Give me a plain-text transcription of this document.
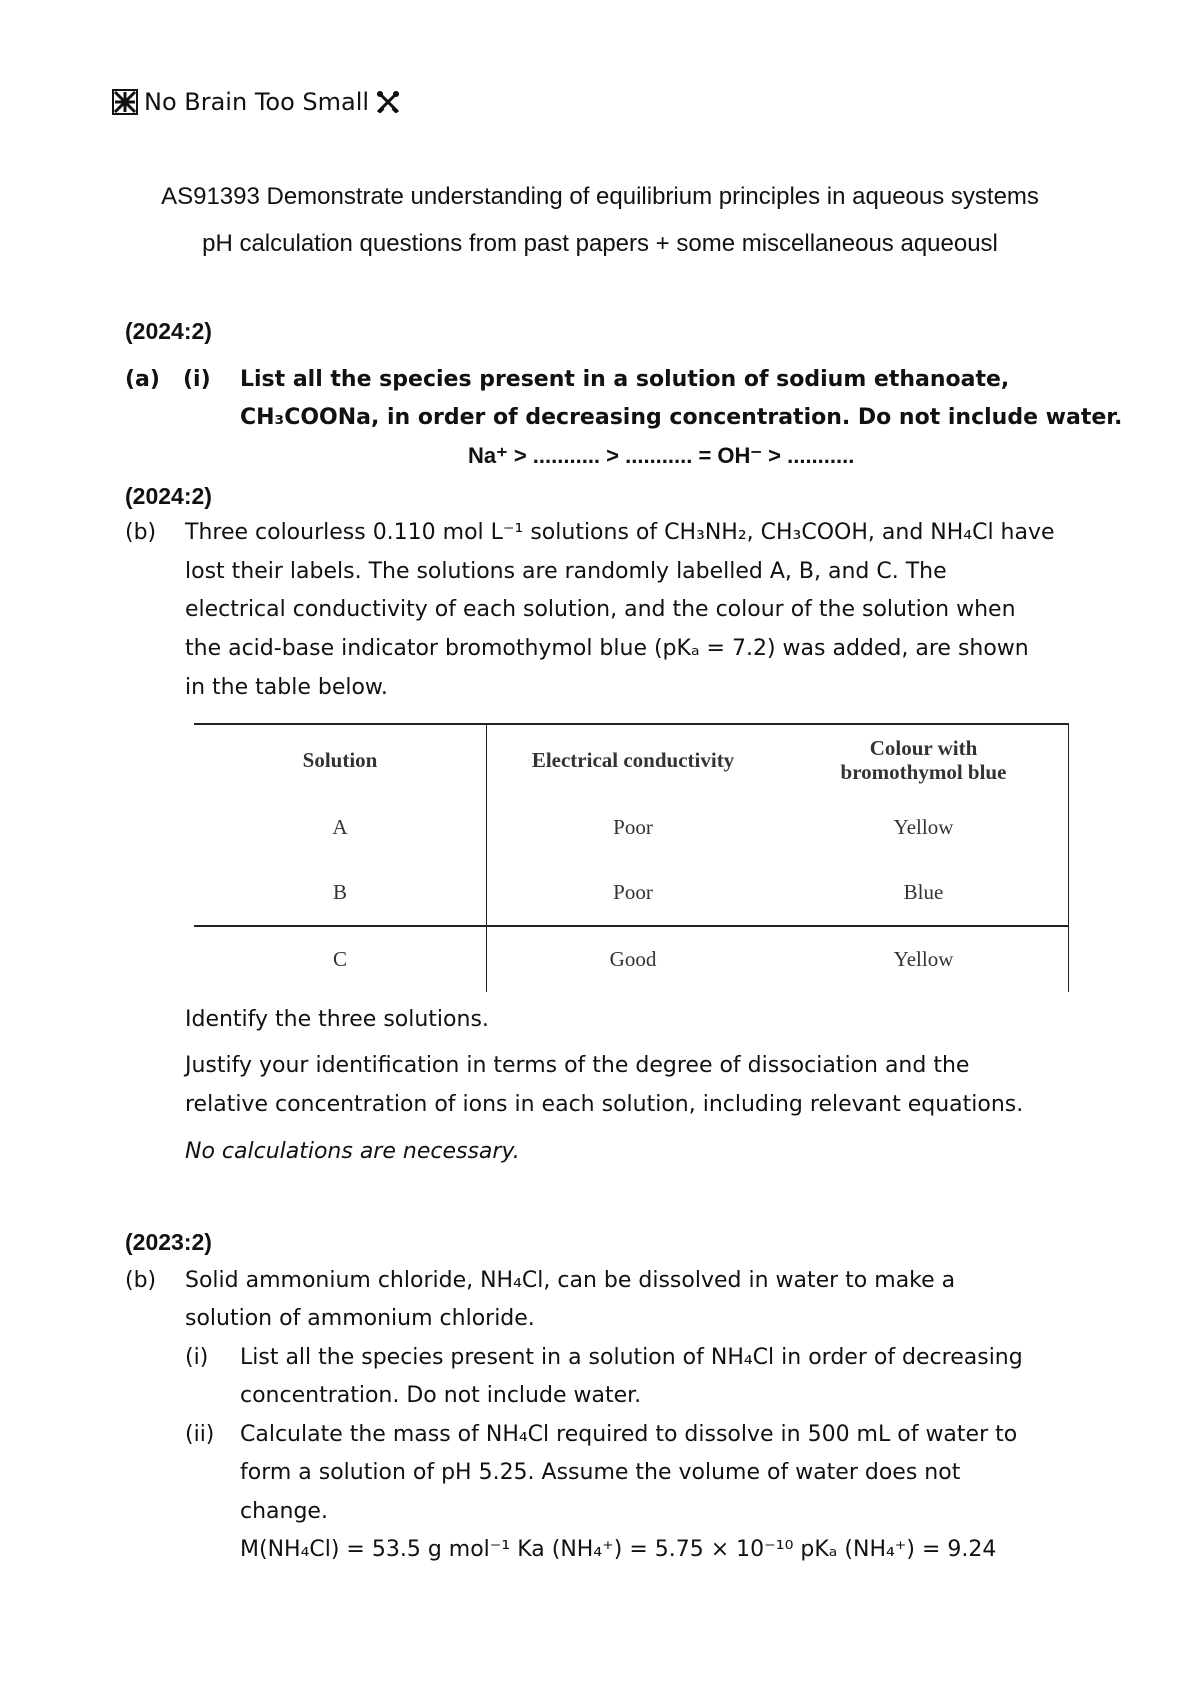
No Brain Too Small
AS91393 Demonstrate understanding of equilibrium principles in aqueous systems
pH calculation questions from past papers + some miscellaneous aqueousl
(2024:2)
(a) (i) List all the species present in a solution of sodium ethanoate,
CH₃COONa, in order of decreasing concentration. Do not include water.
Na⁺ > ........... > ........... = OH⁻ > ...........
(2024:2)
(b) Three colourless 0.110 mol L⁻¹ solutions of CH₃NH₂, CH₃COOH, and NH₄Cl have
lost their labels. The solutions are randomly labelled A, B, and C. The
electrical conductivity of each solution, and the colour of the solution when
the acid-base indicator bromothymol blue (pKₐ = 7.2) was added, are shown
in the table below.
Solution	Electrical conductivity	Colour with
bromothymol blue
A	Poor	Yellow
B	Poor	Blue
C	Good	Yellow
Identify the three solutions.
Justify your identification in terms of the degree of dissociation and the
relative concentration of ions in each solution, including relevant equations.
No calculations are necessary.
(2023:2)
(b) Solid ammonium chloride, NH₄Cl, can be dissolved in water to make a
solution of ammonium chloride.
(i) List all the species present in a solution of NH₄Cl in order of decreasing
concentration. Do not include water.
(ii) Calculate the mass of NH₄Cl required to dissolve in 500 mL of water to
form a solution of pH 5.25. Assume the volume of water does not
change.
M(NH₄Cl) = 53.5 g mol⁻¹ Ka (NH₄⁺) = 5.75 × 10⁻¹⁰ pKₐ (NH₄⁺) = 9.24
